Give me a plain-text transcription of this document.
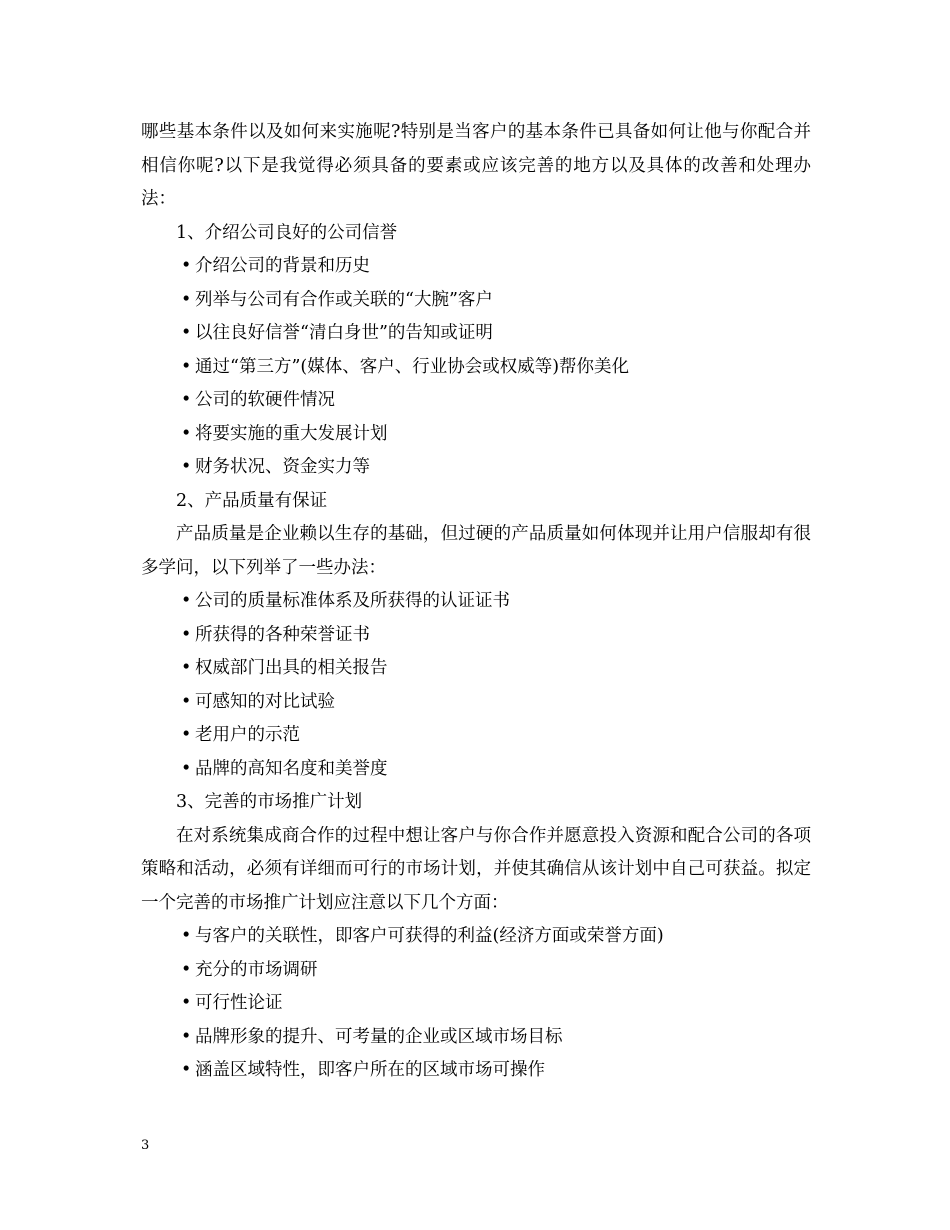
哪些基本条件以及如何来实施呢?特别是当客户的基本条件已具备如何让他与你配合并相信你呢?以下是我觉得必须具备的要素或应该完善的地方以及具体的改善和处理办法：

1、介绍公司良好的公司信誉

• 介绍公司的背景和历史

• 列举与公司有合作或关联的“大腕”客户

• 以往良好信誉“清白身世”的告知或证明

• 通过“第三方”(媒体、客户、行业协会或权威等)帮你美化

• 公司的软硬件情况

• 将要实施的重大发展计划

• 财务状况、资金实力等

2、产品质量有保证

产品质量是企业赖以生存的基础，但过硬的产品质量如何体现并让用户信服却有很多学问，以下列举了一些办法：

• 公司的质量标准体系及所获得的认证证书

• 所获得的各种荣誉证书

• 权威部门出具的相关报告

• 可感知的对比试验

• 老用户的示范

• 品牌的高知名度和美誉度

3、完善的市场推广计划

在对系统集成商合作的过程中想让客户与你合作并愿意投入资源和配合公司的各项策略和活动，必须有详细而可行的市场计划，并使其确信从该计划中自己可获益。拟定一个完善的市场推广计划应注意以下几个方面：

• 与客户的关联性，即客户可获得的利益(经济方面或荣誉方面)

• 充分的市场调研

• 可行性论证

• 品牌形象的提升、可考量的企业或区域市场目标

• 涵盖区域特性，即客户所在的区域市场可操作

3
